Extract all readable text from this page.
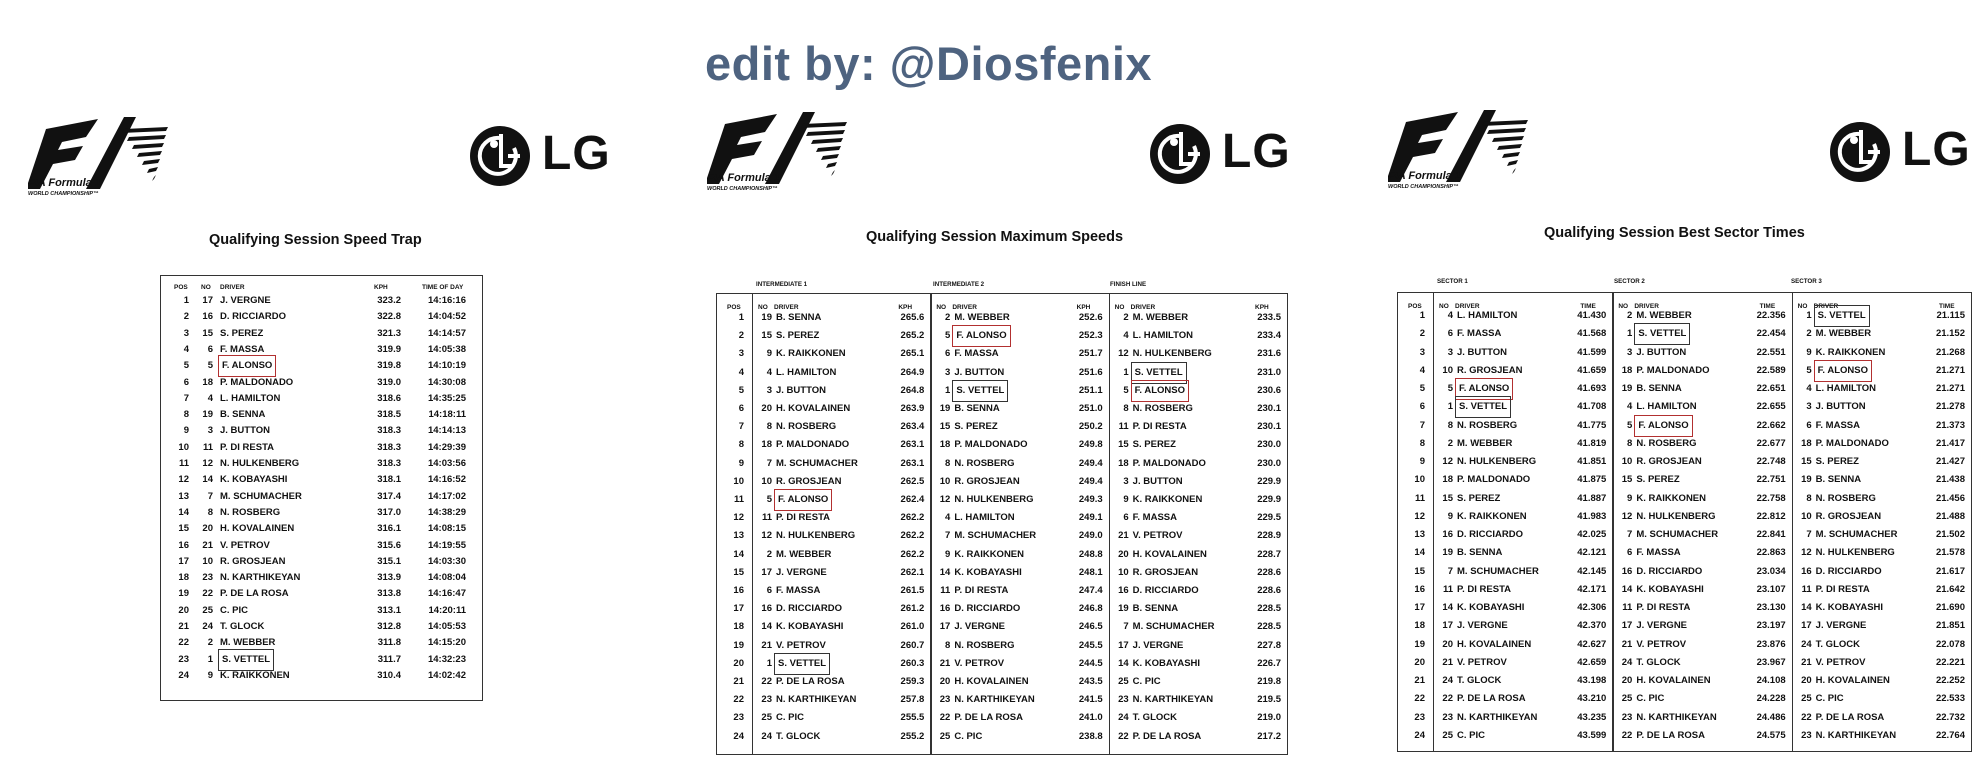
edit by: @Diosfenix
FIA Formula 1
WORLD CHAMPIONSHIP™
FIA Formula 1
WORLD CHAMPIONSHIP™
FIA Formula 1
WORLD CHAMPIONSHIP™
LG	LG	LG
Qualifying Session Speed Trap	Qualifying Session Maximum Speeds	Qualifying Session Best Sector Times
POS NO DRIVER	KPH	TIME OF DAY
1	17 J. VERGNE	323.2	14:16:16
2	16 D. RICCIARDO	322.8	14:04:52
3	15 S. PEREZ	321.3	14:14:57
4	6 F. MASSA	319.9	14:05:38
5	5 F. ALONSO	319.8	14:10:19
6	18 P. MALDONADO	319.0	14:30:08
7	4 L. HAMILTON	318.6	14:35:25
8	19 B. SENNA	318.5	14:18:11
9	3 J. BUTTON	318.3	14:14:13
10	11 P. DI RESTA	318.3	14:29:39
11	12 N. HULKENBERG	318.3	14:03:56
12	14 K. KOBAYASHI	318.1	14:16:52
13	7 M. SCHUMACHER	317.4	14:17:02
14	8 N. ROSBERG	317.0	14:38:29
15	20 H. KOVALAINEN	316.1	14:08:15
16	21 V. PETROV	315.6	14:19:55
17	10 R. GROSJEAN	315.1	14:03:30
18	23 N. KARTHIKEYAN	313.9	14:08:04
19	22 P. DE LA ROSA	313.8	14:16:47
20	25 C. PIC	313.1	14:20:11
21	24 T. GLOCK	312.8	14:05:53
22	2 M. WEBBER	311.8	14:15:20
23	1 S. VETTEL	311.7	14:32:23
24	9 K. RAIKKONEN	310.4	14:02:42
INTERMEDIATE 1	INTERMEDIATE 2	FINISH LINE
POS	NO DRIVER	KPH	NO DRIVER	KPH	NO DRIVER	KPH
1	19 B. SENNA	265.6	2 M. WEBBER	252.6	2 M. WEBBER	233.5
2	15 S. PEREZ	265.2	5 F. ALONSO	252.3	4 L. HAMILTON	233.4
3	9 K. RAIKKONEN	265.1	6 F. MASSA	251.7	12 N. HULKENBERG	231.6
4	4 L. HAMILTON	264.9	3 J. BUTTON	251.6	1 S. VETTEL	231.0
5	3 J. BUTTON	264.8	1 S. VETTEL	251.1	5 F. ALONSO	230.6
6	20 H. KOVALAINEN	263.9	19 B. SENNA	251.0	8 N. ROSBERG	230.1
7	8 N. ROSBERG	263.4	15 S. PEREZ	250.2	11 P. DI RESTA	230.1
8	18 P. MALDONADO	263.1	18 P. MALDONADO	249.8	15 S. PEREZ	230.0
9	7 M. SCHUMACHER	263.1	8 N. ROSBERG	249.4	18 P. MALDONADO	230.0
10	10 R. GROSJEAN	262.5	10 R. GROSJEAN	249.4	3 J. BUTTON	229.9
11	5 F. ALONSO	262.4	12 N. HULKENBERG	249.3	9 K. RAIKKONEN	229.9
12	11 P. DI RESTA	262.2	4 L. HAMILTON	249.1	6 F. MASSA	229.5
13	12 N. HULKENBERG	262.2	7 M. SCHUMACHER	249.0	21 V. PETROV	228.9
14	2 M. WEBBER	262.2	9 K. RAIKKONEN	248.8	20 H. KOVALAINEN	228.7
15	17 J. VERGNE	262.1	14 K. KOBAYASHI	248.1	10 R. GROSJEAN	228.6
16	6 F. MASSA	261.5	11 P. DI RESTA	247.4	16 D. RICCIARDO	228.6
17	16 D. RICCIARDO	261.2	16 D. RICCIARDO	246.8	19 B. SENNA	228.5
18	14 K. KOBAYASHI	261.0	17 J. VERGNE	246.5	7 M. SCHUMACHER	228.5
19	21 V. PETROV	260.7	8 N. ROSBERG	245.5	17 J. VERGNE	227.8
20	1 S. VETTEL	260.3	21 V. PETROV	244.5	14 K. KOBAYASHI	226.7
21	22 P. DE LA ROSA	259.3	20 H. KOVALAINEN	243.5	25 C. PIC	219.8
22	23 N. KARTHIKEYAN	257.8	23 N. KARTHIKEYAN	241.5	23 N. KARTHIKEYAN	219.5
23	25 C. PIC	255.5	22 P. DE LA ROSA	241.0	24 T. GLOCK	219.0
24	24 T. GLOCK	255.2	25 C. PIC	238.8	22 P. DE LA ROSA	217.2
SECTOR 1	SECTOR 2	SECTOR 3
POS	NO DRIVER	TIME	NO DRIVER	TIME	NO DRIVER	TIME
1	4 L. HAMILTON	41.430	2 M. WEBBER	22.356	1 S. VETTEL	21.115
2	6 F. MASSA	41.568	1 S. VETTEL	22.454	2 M. WEBBER	21.152
3	3 J. BUTTON	41.599	3 J. BUTTON	22.551	9 K. RAIKKONEN	21.268
4	10 R. GROSJEAN	41.659	18 P. MALDONADO	22.589	5 F. ALONSO	21.271
5	5 F. ALONSO	41.693	19 B. SENNA	22.651	4 L. HAMILTON	21.271
6	1 S. VETTEL	41.708	4 L. HAMILTON	22.655	3 J. BUTTON	21.278
7	8 N. ROSBERG	41.775	5 F. ALONSO	22.662	6 F. MASSA	21.373
8	2 M. WEBBER	41.819	8 N. ROSBERG	22.677	18 P. MALDONADO	21.417
9	12 N. HULKENBERG	41.851	10 R. GROSJEAN	22.748	15 S. PEREZ	21.427
10	18 P. MALDONADO	41.875	15 S. PEREZ	22.751	19 B. SENNA	21.438
11	15 S. PEREZ	41.887	9 K. RAIKKONEN	22.758	8 N. ROSBERG	21.456
12	9 K. RAIKKONEN	41.983	12 N. HULKENBERG	22.812	10 R. GROSJEAN	21.488
13	16 D. RICCIARDO	42.025	7 M. SCHUMACHER	22.841	7 M. SCHUMACHER	21.502
14	19 B. SENNA	42.121	6 F. MASSA	22.863	12 N. HULKENBERG	21.578
15	7 M. SCHUMACHER	42.145	16 D. RICCIARDO	23.034	16 D. RICCIARDO	21.617
16	11 P. DI RESTA	42.171	14 K. KOBAYASHI	23.107	11 P. DI RESTA	21.642
17	14 K. KOBAYASHI	42.306	11 P. DI RESTA	23.130	14 K. KOBAYASHI	21.690
18	17 J. VERGNE	42.370	17 J. VERGNE	23.197	17 J. VERGNE	21.851
19	20 H. KOVALAINEN	42.627	21 V. PETROV	23.876	24 T. GLOCK	22.078
20	21 V. PETROV	42.659	24 T. GLOCK	23.967	21 V. PETROV	22.221
21	24 T. GLOCK	43.198	20 H. KOVALAINEN	24.108	20 H. KOVALAINEN	22.252
22	22 P. DE LA ROSA	43.210	25 C. PIC	24.228	25 C. PIC	22.533
23	23 N. KARTHIKEYAN	43.235	23 N. KARTHIKEYAN	24.486	22 P. DE LA ROSA	22.732
24	25 C. PIC	43.599	22 P. DE LA ROSA	24.575	23 N. KARTHIKEYAN	22.764
